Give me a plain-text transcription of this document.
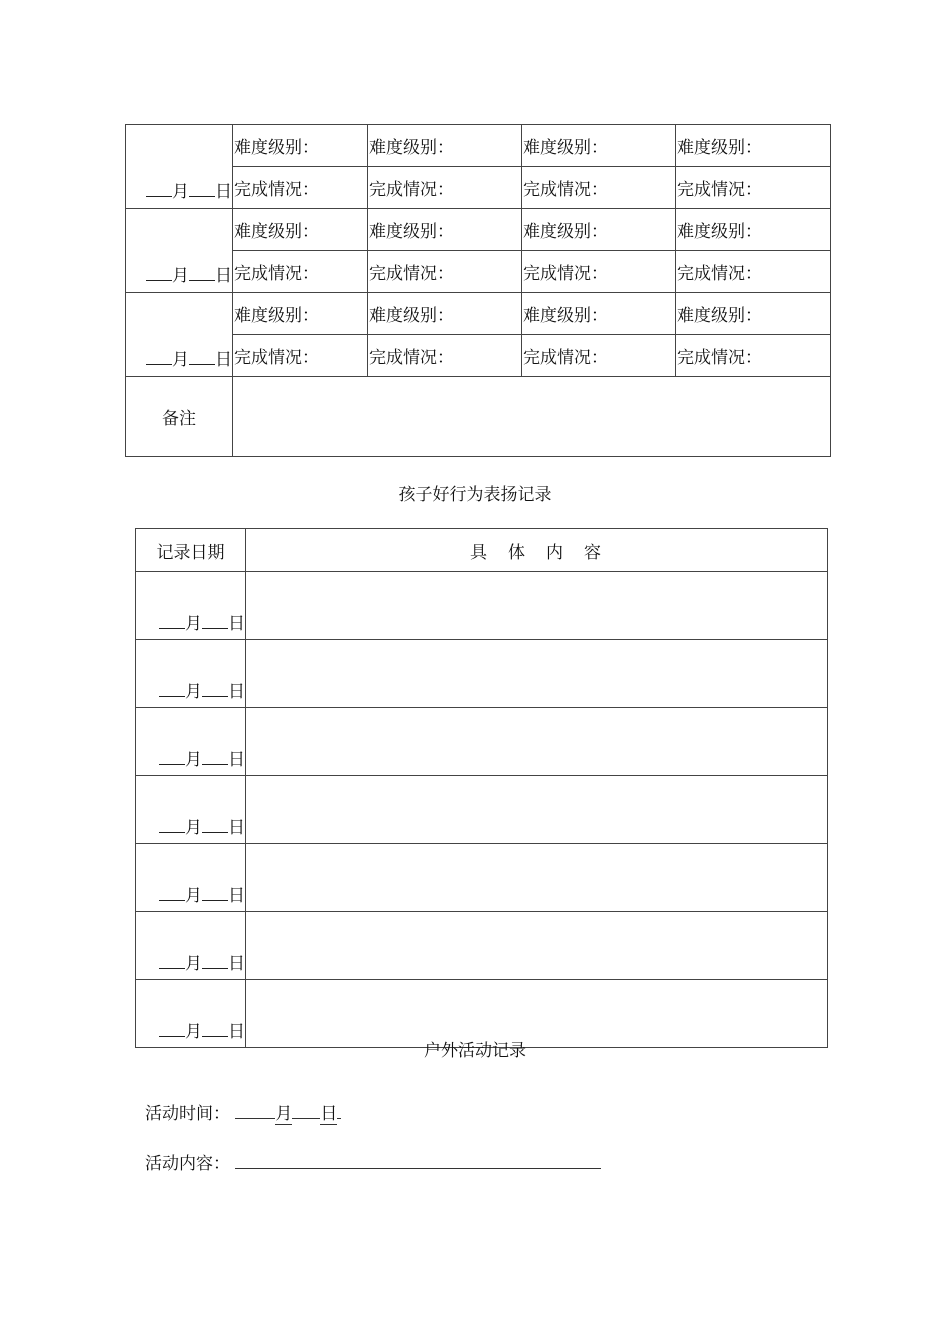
月 日	难度级别：	难度级别：	难度级别：	难度级别：
	完成情况：	完成情况：	完成情况：	完成情况：
月 日	难度级别：	难度级别：	难度级别：	难度级别：
	完成情况：	完成情况：	完成情况：	完成情况：
月 日	难度级别：	难度级别：	难度级别：	难度级别：
	完成情况：	完成情况：	完成情况：	完成情况：
备注				
孩子好行为表扬记录
记录日期	具　体　内　容
月 日	
月 日	
月 日	
月 日	
月 日	
月 日	
月 日	
户外活动记录
活动时间：	月 日
活动内容：
